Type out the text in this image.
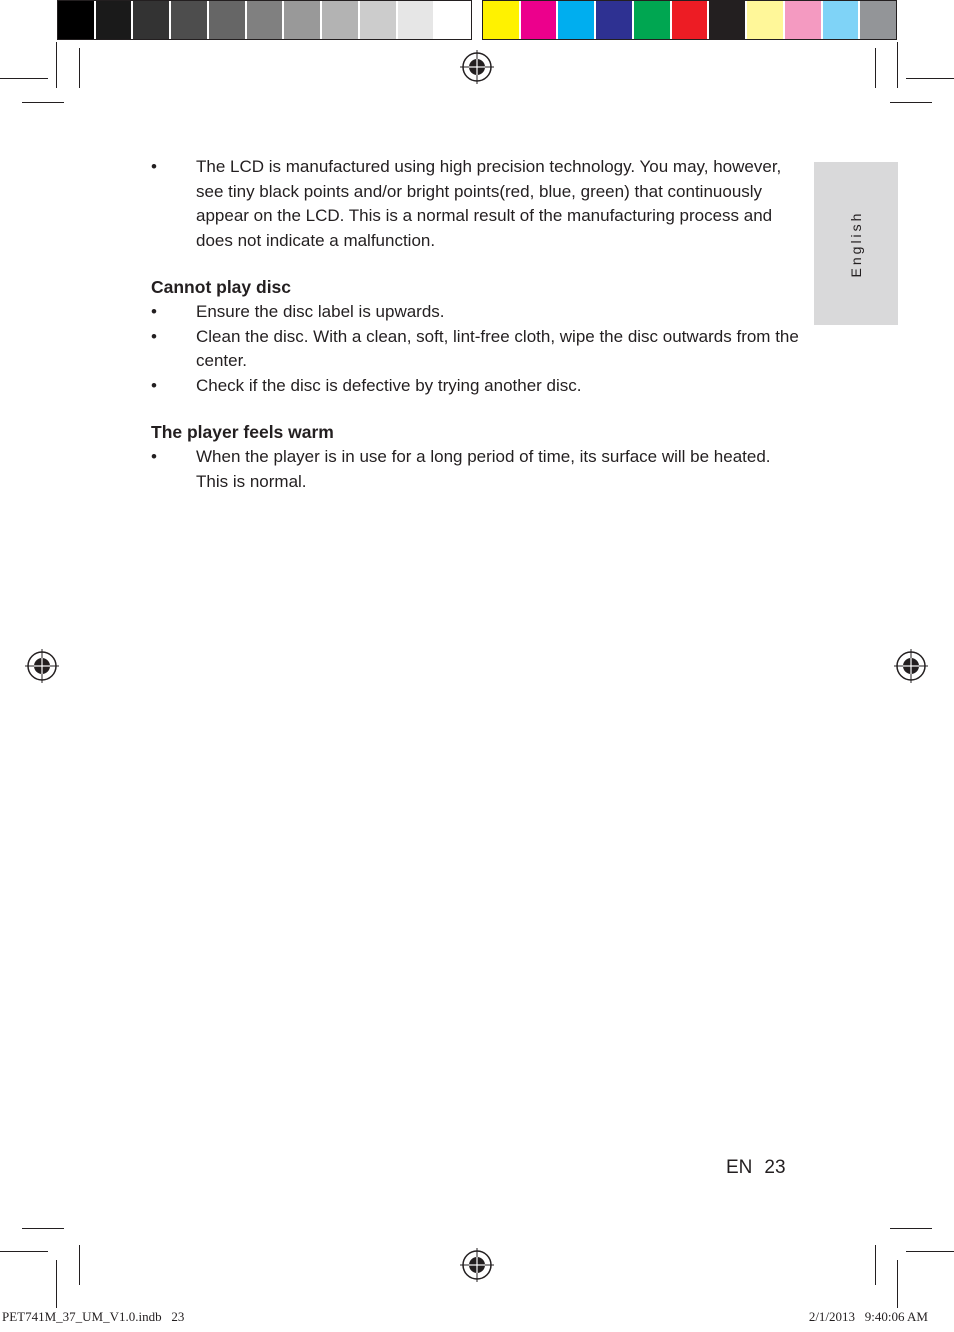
• The LCD is manufactured using high precision technology. You may, however, see tiny black points and/or bright points(red, blue, green) that continuously appear on the LCD. This is a normal result of the manufacturing process and does not indicate a malfunction.
Cannot play disc
• Ensure the disc label is upwards.
• Clean the disc. With a clean, soft, lint-free cloth, wipe the disc outwards from the center.
• Check if the disc is defective by trying another disc.
The player feels warm
• When the player is in use for a long period of time, its surface will be heated. This is normal.
English
EN 23
PET741M_37_UM_V1.0.indb   23	2/1/2013   9:40:06 AM
